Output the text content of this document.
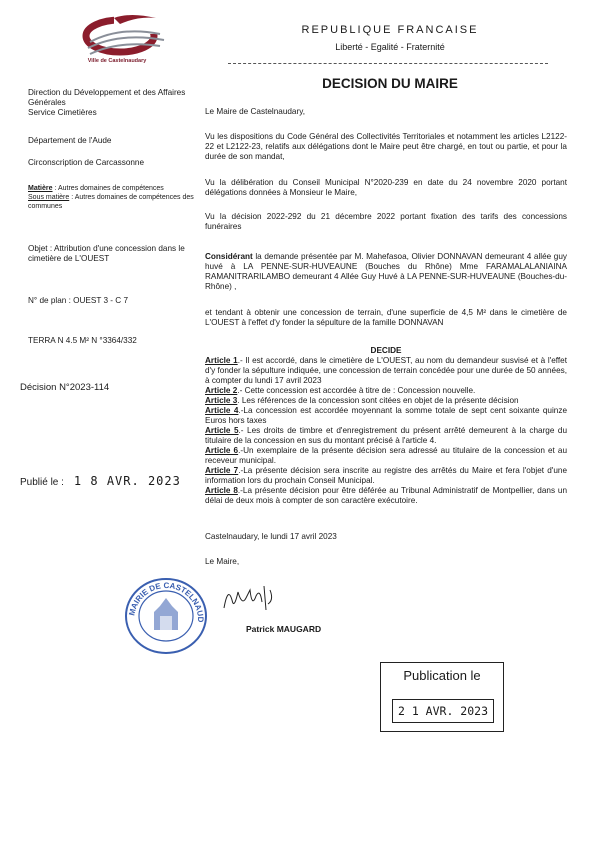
Ville de Castelnaudary
REPUBLIQUE FRANCAISE
Liberté - Egalité - Fraternité
DECISION DU MAIRE
Direction du Développement et des Affaires Générales
Service Cimetières
Département de l'Aude
Circonscription de Carcassonne
Matière : Autres domaines de compétences
Sous matière : Autres domaines de compétences des communes
Objet : Attribution d'une concession dans le cimetière de L'OUEST
N° de plan : OUEST 3 - C 7
TERRA N 4.5 M² N °3364/332
Décision N°2023-114
Publié le : 1 8 AVR. 2023
Le Maire de Castelnaudary,
Vu les dispositions du Code Général des Collectivités Territoriales et notamment les articles L2122-22 et L2122-23, relatifs aux délégations dont le Maire peut être chargé, en tout ou partie, et pour la durée de son mandat,
Vu la délibération du Conseil Municipal N°2020-239 en date du 24 novembre 2020 portant délégations données à Monsieur le Maire,
Vu la décision 2022-292 du 21 décembre 2022 portant fixation des tarifs des concessions funéraires
Considérant la demande présentée par M. Mahefasoa, Olivier DONNAVAN demeurant 4 allée guy huvé à LA PENNE-SUR-HUVEAUNE (Bouches du Rhône) Mme FARAMALALANIAINA RAMANITRARILAMBO demeurant 4 Allée Guy Huvé à LA PENNE-SUR-HUVEAUNE (Bouches-du-Rhône) ,
et tendant à obtenir une concession de terrain, d'une superficie de 4,5 M² dans le cimetière de L'OUEST à l'effet d'y fonder la sépulture de la famille DONNAVAN
DECIDE
Article 1.- Il est accordé, dans le cimetière de L'OUEST, au nom du demandeur susvisé et à l'effet d'y fonder la sépulture indiquée, une concession de terrain concédée pour une durée de 50 années, à compter du lundi 17 avril 2023
Article 2.- Cette concession est accordée à titre de : Concession nouvelle.
Article 3. Les références de la concession sont citées en objet de la présente décision
Article 4.-La concession est accordée moyennant la somme totale de sept cent soixante quinze Euros hors taxes
Article 5.- Les droits de timbre et d'enregistrement du présent arrêté demeurent à la charge du titulaire de la concession en sus du montant précisé à l'article 4.
Article 6.-Un exemplaire de la présente décision sera adressé au titulaire de la concession et au receveur municipal.
Article 7.-La présente décision sera inscrite au registre des arrêtés du Maire et fera l'objet d'une information lors du prochain Conseil Municipal.
Article 8.-La présente décision pour être déférée au Tribunal Administratif de Montpellier, dans un délai de deux mois à compter de son caractère exécutoire.
Castelnaudary, le lundi 17 avril 2023
Le Maire,
MAIRIE DE CASTELNAUD
Patrick MAUGARD
Publication le
2 1 AVR. 2023
